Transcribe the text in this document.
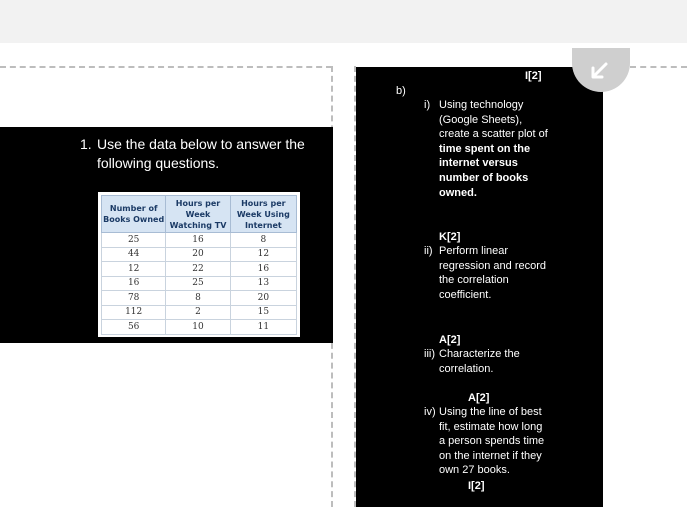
1. Use the data below to answer the following questions.
Number of Books Owned	Hours per Week Watching TV	Hours per Week Using Internet
25	16	8
44	20	12
12	22	16
16	25	13
78	8	20
112	2	15
56	10	11
I[2]
b)
i) Using technology (Google Sheets), create a scatter plot of time spent on the internet versus number of books owned.
K[2]
ii) Perform linear regression and record the correlation coefficient.
A[2]
iii) Characterize the correlation.
A[2]
iv) Using the line of best fit, estimate how long a person spends time on the internet if they own 27 books.
I[2]
